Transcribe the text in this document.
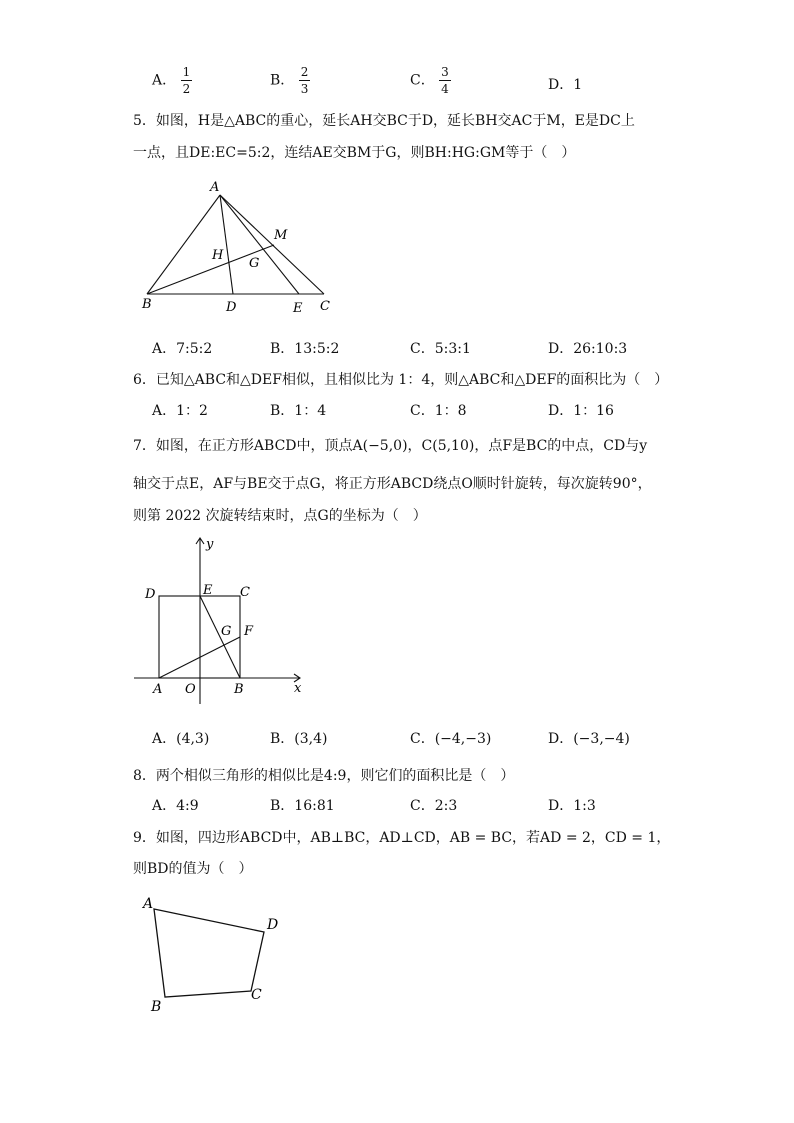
A． $\frac{1}{2}$	B． $\frac{2}{3}$	C． $\frac{3}{4}$	D．1
5．如图，H是△ABC的重心，延长AH交BC于D，延长BH交AC于M，E是DC上
一点，且DE:EC=5:2，连结AE交BM于G，则BH:HG:GM等于（　）
A
B	C
D	E
M
H
G
A．7:5:2	B．13:5:2	C．5:3:1	D．26:10:3
6．已知△ABC和△DEF相似，且相似比为 1：4，则△ABC和△DEF的面积比为（　）
A．1：2	B．1：4	C．1：8	D．1：16
7．如图，在正方形ABCD中，顶点A(−5,0)，C(5,10)，点F是BC的中点，CD与y
轴交于点E，AF与BE交于点G，将正方形ABCD绕点O顺时针旋转，每次旋转90°，
则第 2022 次旋转结束时，点G的坐标为（　）
y
x
D	E C
G F
A O	B
A．(4,3)	B．(3,4)	C．(−4,−3)	D．(−3,−4)
8．两个相似三角形的相似比是4:9，则它们的面积比是（　）
A．4:9	B．16:81	C．2:3	D．1:3
9．如图，四边形ABCD中，AB⊥BC，AD⊥CD，AB = BC，若AD = 2，CD = 1，
则BD的值为（　）
A
D
C
B
